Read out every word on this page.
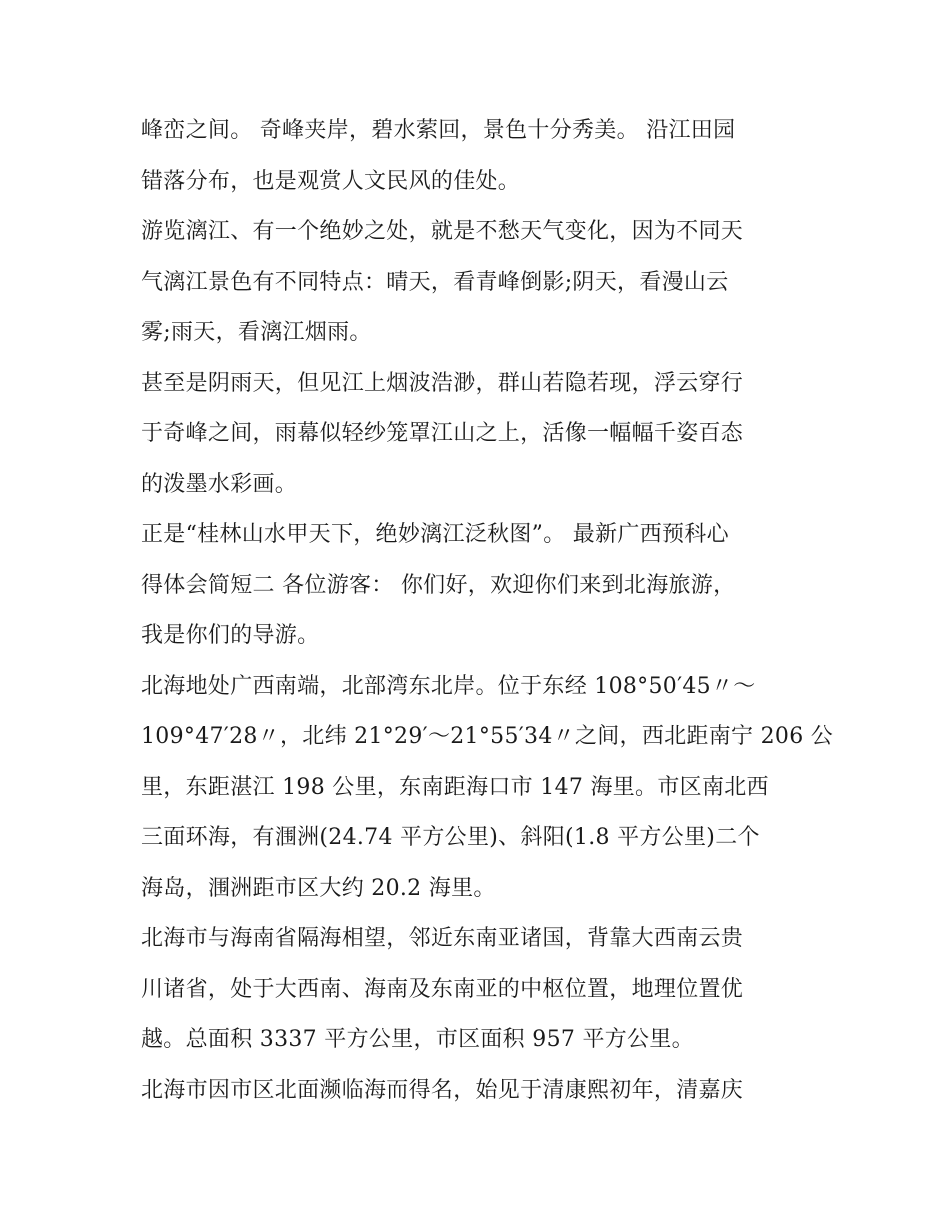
峰峦之间。 奇峰夹岸，碧水萦回，景色十分秀美。 沿江田园
错落分布，也是观赏人文民风的佳处。
游览漓江、有一个绝妙之处，就是不愁天气变化，因为不同天
气漓江景色有不同特点：晴天，看青峰倒影;阴天，看漫山云
雾;雨天，看漓江烟雨。
甚至是阴雨天，但见江上烟波浩渺，群山若隐若现，浮云穿行
于奇峰之间，雨幕似轻纱笼罩江山之上，活像一幅幅千姿百态
的泼墨水彩画。
正是“桂林山水甲天下，绝妙漓江泛秋图”。 最新广西预科心
得体会简短二 各位游客： 你们好，欢迎你们来到北海旅游，
我是你们的导游。
北海地处广西南端，北部湾东北岸。位于东经 108°50′45〃～
109°47′28〃，北纬 21°29′～21°55′34〃之间，西北距南宁 206 公
里，东距湛江 198 公里，东南距海口市 147 海里。市区南北西
三面环海，有涠洲(24.74 平方公里)、斜阳(1.8 平方公里)二个
海岛，涠洲距市区大约 20.2 海里。
北海市与海南省隔海相望，邻近东南亚诸国，背靠大西南云贵
川诸省，处于大西南、海南及东南亚的中枢位置，地理位置优
越。总面积 3337 平方公里，市区面积 957 平方公里。
北海市因市区北面濒临海而得名，始见于清康熙初年，清嘉庆
